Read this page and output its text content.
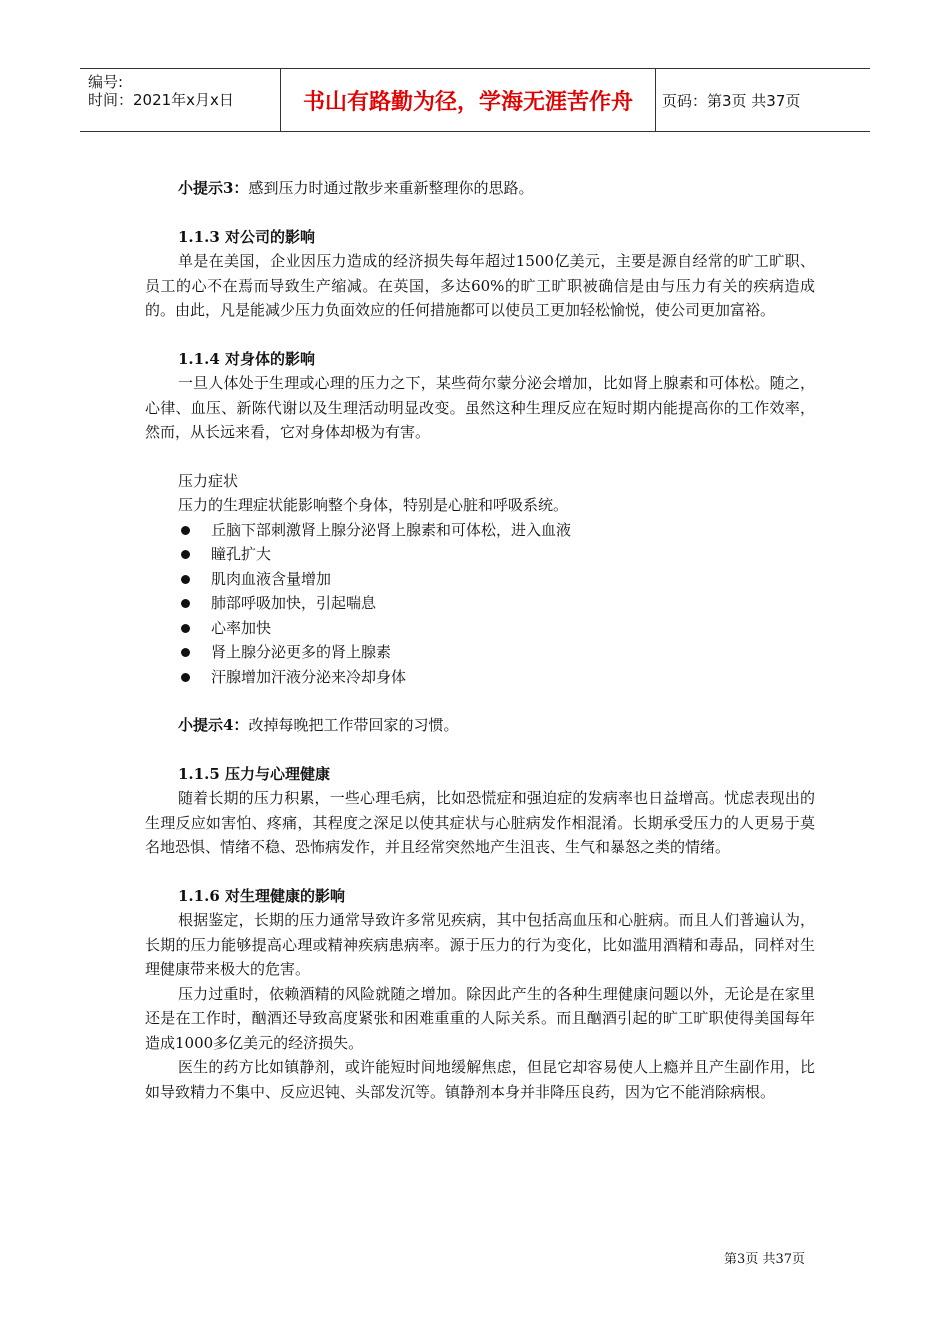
编号:
时间：2021年x月x日	书山有路勤为径，学海无涯苦作舟	页码：第3页 共37页

小提示3：感到压力时通过散步来重新整理你的思路。

1.1.3 对公司的影响

单是在美国，企业因压力造成的经济损失每年超过1500亿美元，主要是源自经常的旷工旷职、员工的心不在焉而导致生产缩减。在英国，多达60%的旷工旷职被确信是由与压力有关的疾病造成的。由此，凡是能减少压力负面效应的任何措施都可以使员工更加轻松愉悦，使公司更加富裕。

1.1.4 对身体的影响

一旦人体处于生理或心理的压力之下，某些荷尔蒙分泌会增加，比如肾上腺素和可体松。随之，心律、血压、新陈代谢以及生理活动明显改变。虽然这种生理反应在短时期内能提高你的工作效率，然而，从长远来看，它对身体却极为有害。

压力症状

压力的生理症状能影响整个身体，特别是心脏和呼吸系统。

丘脑下部刺激肾上腺分泌肾上腺素和可体松，进入血液
瞳孔扩大
肌肉血液含量增加
肺部呼吸加快，引起喘息
心率加快
肾上腺分泌更多的肾上腺素
汗腺增加汗液分泌来冷却身体

小提示4：改掉每晚把工作带回家的习惯。

1.1.5 压力与心理健康

随着长期的压力积累，一些心理毛病，比如恐慌症和强迫症的发病率也日益增高。忧虑表现出的生理反应如害怕、疼痛，其程度之深足以使其症状与心脏病发作相混淆。长期承受压力的人更易于莫名地恐惧、情绪不稳、恐怖病发作，并且经常突然地产生沮丧、生气和暴怒之类的情绪。

1.1.6 对生理健康的影响

根据鉴定，长期的压力通常导致许多常见疾病，其中包括高血压和心脏病。而且人们普遍认为，长期的压力能够提高心理或精神疾病患病率。源于压力的行为变化，比如滥用酒精和毒品，同样对生理健康带来极大的危害。

压力过重时，依赖酒精的风险就随之增加。除因此产生的各种生理健康问题以外，无论是在家里还是在工作时，酗酒还导致高度紧张和困难重重的人际关系。而且酗酒引起的旷工旷职使得美国每年造成1000多亿美元的经济损失。

医生的药方比如镇静剂，或许能短时间地缓解焦虑，但昆它却容易使人上瘾并且产生副作用，比如导致精力不集中、反应迟钝、头部发沉等。镇静剂本身并非降压良药，因为它不能消除病根。

第3页 共37页
